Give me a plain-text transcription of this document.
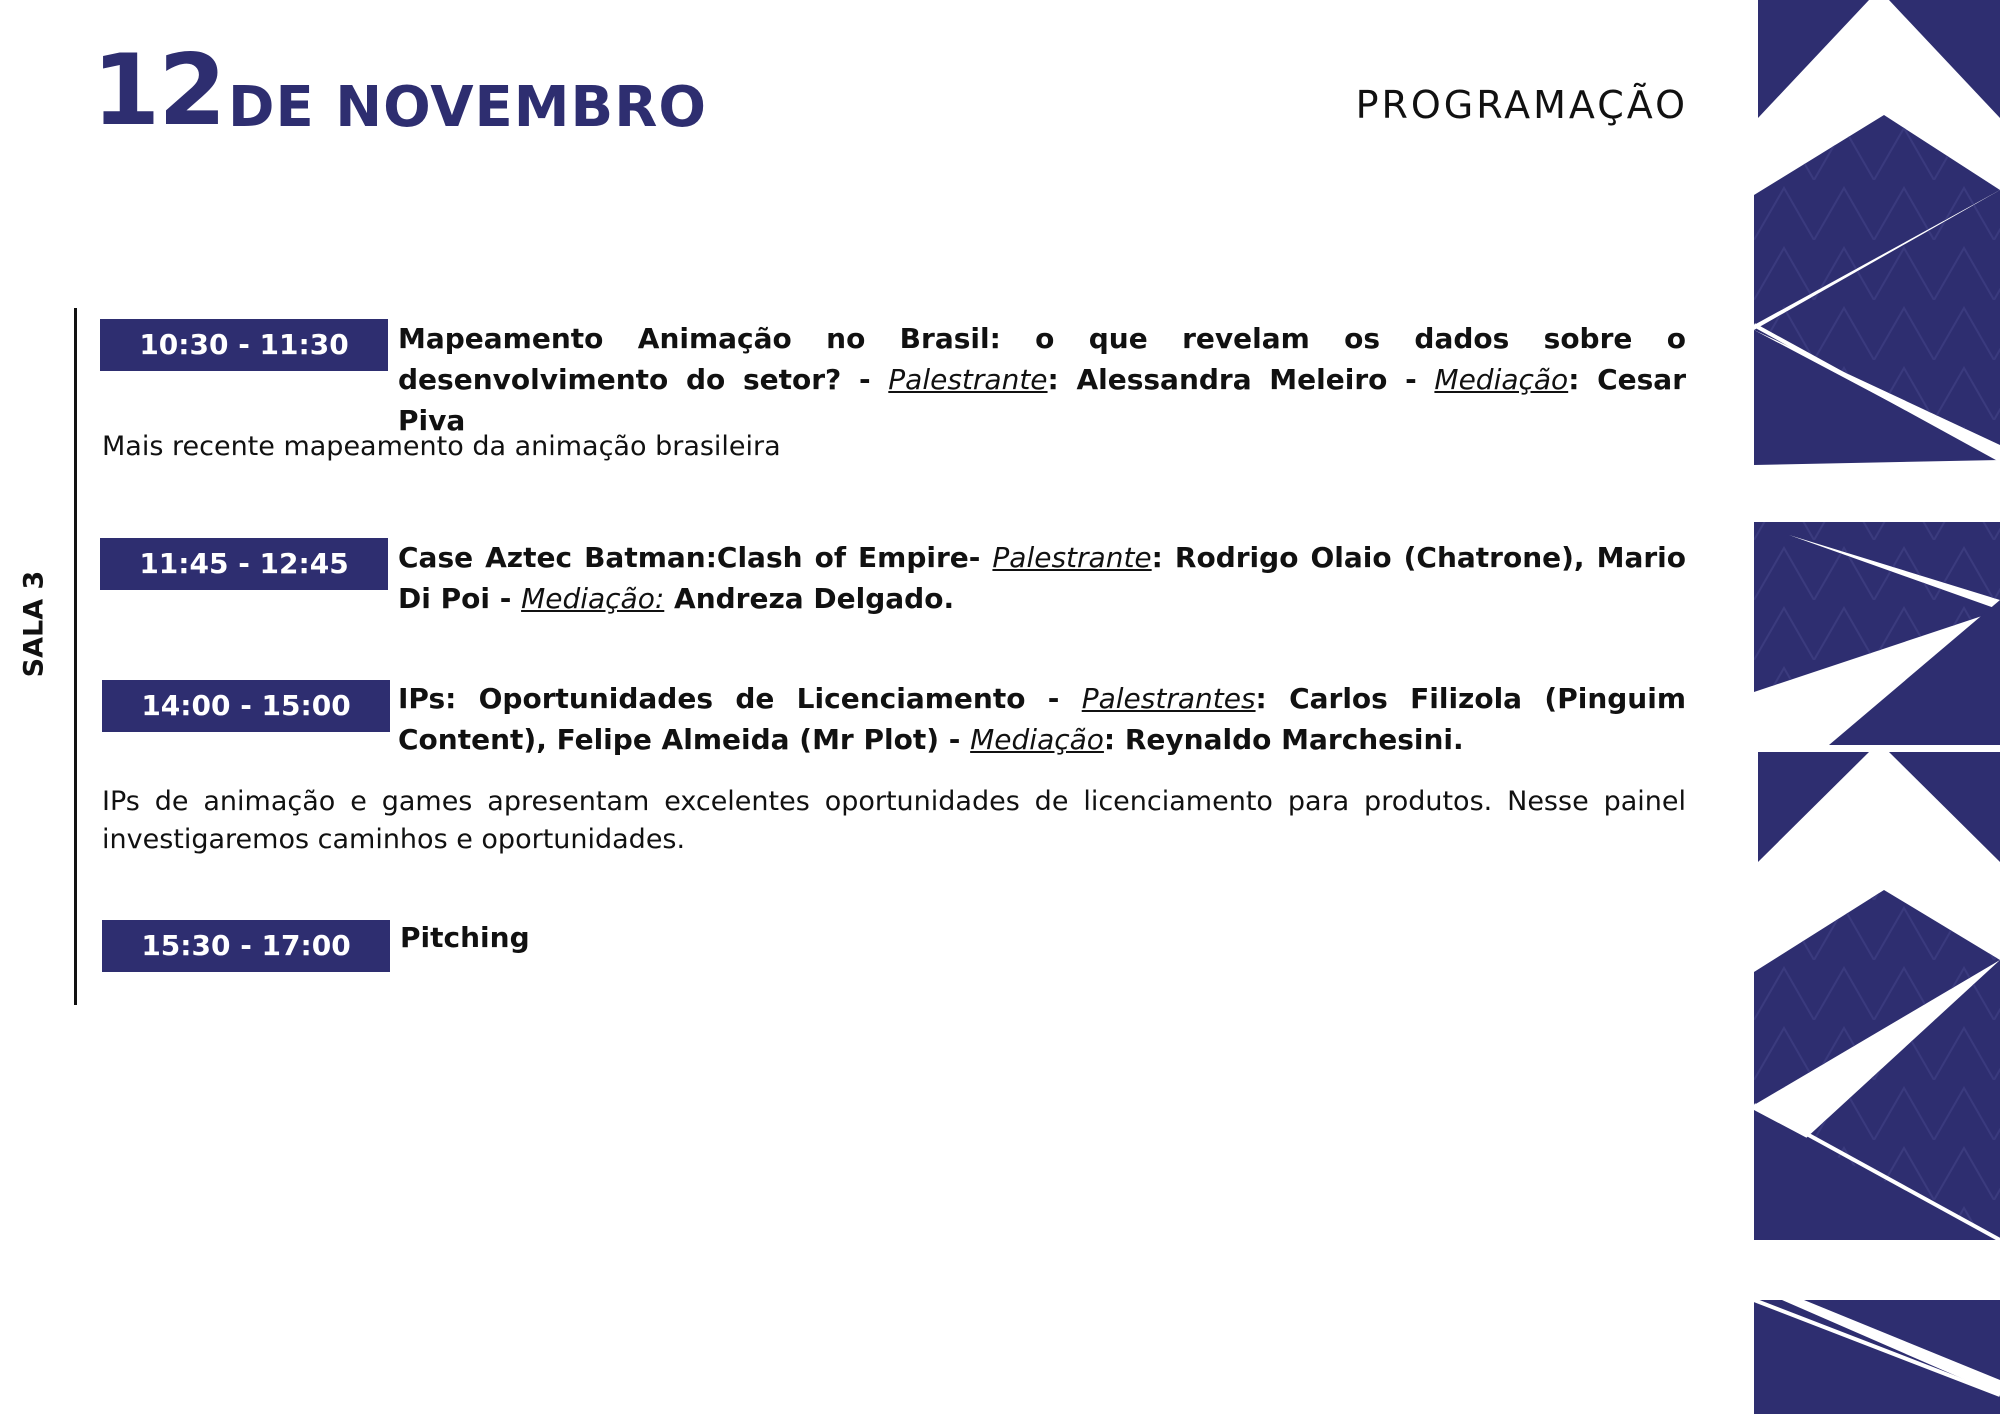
12 DE NOVEMBRO	PROGRAMAÇÃO
SALA 3
10:30 - 11:30	Mapeamento Animação no Brasil: o que revelam os dados sobre o desenvolvimento do setor? - Palestrante: Alessandra Meleiro - Mediação: Cesar Piva
Mais recente mapeamento da animação brasileira
11:45 - 12:45	Case Aztec Batman:Clash of Empire- Palestrante: Rodrigo Olaio (Chatrone), Mario Di Poi - Mediação: Andreza Delgado.
14:00 - 15:00	IPs: Oportunidades de Licenciamento - Palestrantes: Carlos Filizola (Pinguim Content), Felipe Almeida (Mr Plot) - Mediação: Reynaldo Marchesini.
IPs de animação e games apresentam excelentes oportunidades de licenciamento para produtos. Nesse painel investigaremos caminhos e oportunidades.
15:30 - 17:00	Pitching
